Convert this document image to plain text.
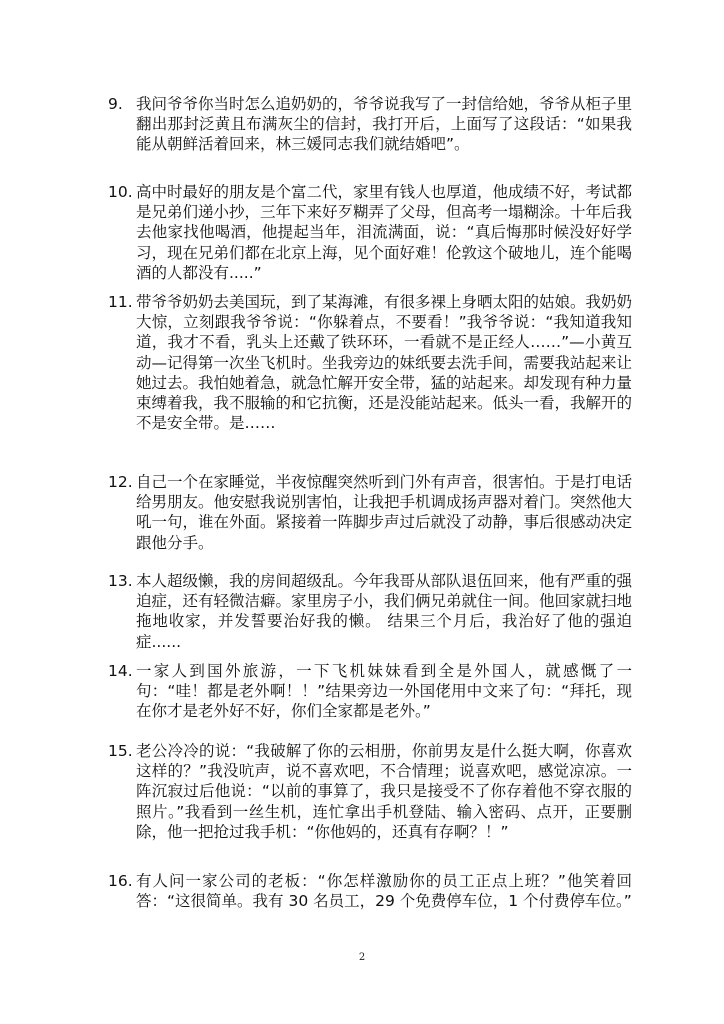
9. 我问爷爷你当时怎么追奶奶的，爷爷说我写了一封信给她，爷爷从柜子里翻出那封泛黄且布满灰尘的信封，我打开后，上面写了这段话：“如果我能从朝鲜活着回来，林三媛同志我们就结婚吧”。
10. 高中时最好的朋友是个富二代，家里有钱人也厚道，他成绩不好，考试都是兄弟们递小抄，三年下来好歹糊弄了父母，但高考一塌糊涂。十年后我去他家找他喝酒，他提起当年，泪流满面，说：“真后悔那时候没好好学习，现在兄弟们都在北京上海，见个面好难！伦敦这个破地儿，连个能喝酒的人都没有.....”
11. 带爷爷奶奶去美国玩，到了某海滩，有很多裸上身晒太阳的姑娘。我奶奶大惊，立刻跟我爷爷说：“你躲着点，不要看！”我爷爷说：“我知道我知道，我才不看，乳头上还戴了铁环环，一看就不是正经人……”—小黄互动—记得第一次坐飞机时。坐我旁边的妹纸要去洗手间，需要我站起来让她过去。我怕她着急，就急忙解开安全带，猛的站起来。却发现有种力量束缚着我，我不服输的和它抗衡，还是没能站起来。低头一看，我解开的不是安全带。是……
12. 自己一个在家睡觉，半夜惊醒突然听到门外有声音，很害怕。于是打电话给男朋友。他安慰我说别害怕，让我把手机调成扬声器对着门。突然他大吼一句，谁在外面。紧接着一阵脚步声过后就没了动静，事后很感动决定跟他分手。
13. 本人超级懒，我的房间超级乱。今年我哥从部队退伍回来，他有严重的强迫症，还有轻微洁癖。家里房子小，我们俩兄弟就住一间。他回家就扫地拖地收家，并发誓要治好我的懒。 结果三个月后，我治好了他的强迫症......
14. 一家人到国外旅游，一下飞机妹妹看到全是外国人，就感慨了一句：“哇！都是老外啊！！”结果旁边一外国佬用中文来了句：“拜托，现在你才是老外好不好，你们全家都是老外。”
15. 老公冷冷的说：“我破解了你的云相册，你前男友是什么挺大啊，你喜欢这样的？”我没吭声，说不喜欢吧，不合情理；说喜欢吧，感觉凉凉。一阵沉寂过后他说：“以前的事算了，我只是接受不了你存着他不穿衣服的照片。”我看到一丝生机，连忙拿出手机登陆、输入密码、点开，正要删除，他一把抢过我手机：“你他妈的，还真有存啊？！”
16. 有人问一家公司的老板：“你怎样激励你的员工正点上班？”他笑着回答：“这很简单。我有 30 名员工，29 个免费停车位，1 个付费停车位。”
2
